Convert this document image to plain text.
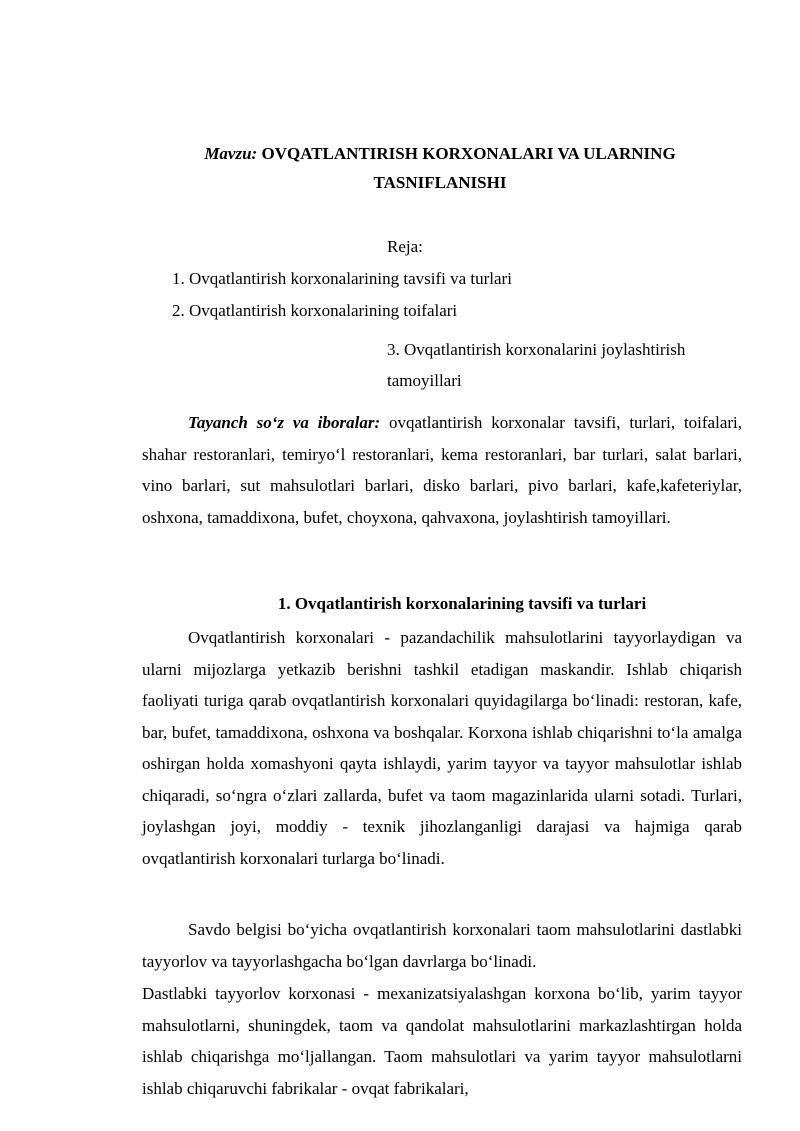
Mavzu: OVQATLANTIRISH KORXONALARI VA ULARNING TASNIFLANISHI
Reja:
1. Ovqatlantirish korxonalarining tavsifi va turlari
2. Ovqatlantirish korxonalarining toifalari
3. Ovqatlantirish korxonalarini joylashtirish tamoyillari

Tayanch so‘z va iboralar: ovqatlantirish korxonalar tavsifi, turlari, toifalari, shahar restoranlari, temiryo‘l restoranlari, kema restoranlari, bar turlari, salat barlari, vino barlari, sut mahsulotlari barlari, disko barlari, pivo barlari, kafe,kafeteriylar, oshxona, tamaddixona, bufet, choyxona, qahvaxona, joylashtirish tamoyillari.

1. Ovqatlantirish korxonalarining tavsifi va turlari

Ovqatlantirish korxonalari - pazandachilik mahsulotlarini tayyorlaydigan va ularni mijozlarga yetkazib berishni tashkil etadigan maskandir. Ishlab chiqarish faoliyati turiga qarab ovqatlantirish korxonalari quyidagilarga bo‘linadi: restoran, kafe, bar, bufet, tamaddixona, oshxona va boshqalar. Korxona ishlab chiqarishni to‘la amalga oshirgan holda xomashyoni qayta ishlaydi, yarim tayyor va tayyor mahsulotlar ishlab chiqaradi, so‘ngra o‘zlari zallarda, bufet va taom magazinlarida ularni sotadi. Turlari, joylashgan joyi, moddiy - texnik jihozlanganligi darajasi va hajmiga qarab ovqatlantirish korxonalari turlarga bo‘linadi.

Savdo belgisi bo‘yicha ovqatlantirish korxonalari taom mahsulotlarini dastlabki tayyorlov va tayyorlashgacha bo‘lgan davrlarga bo‘linadi.

Dastlabki tayyorlov korxonasi - mexanizatsiyalashgan korxona bo‘lib, yarim tayyor mahsulotlarni, shuningdek, taom va qandolat mahsulotlarini markazlashtirgan holda ishlab chiqarishga mo‘ljallangan. Taom mahsulotlari va yarim tayyor mahsulotlarni ishlab chiqaruvchi fabrikalar - ovqat fabrikalari,
